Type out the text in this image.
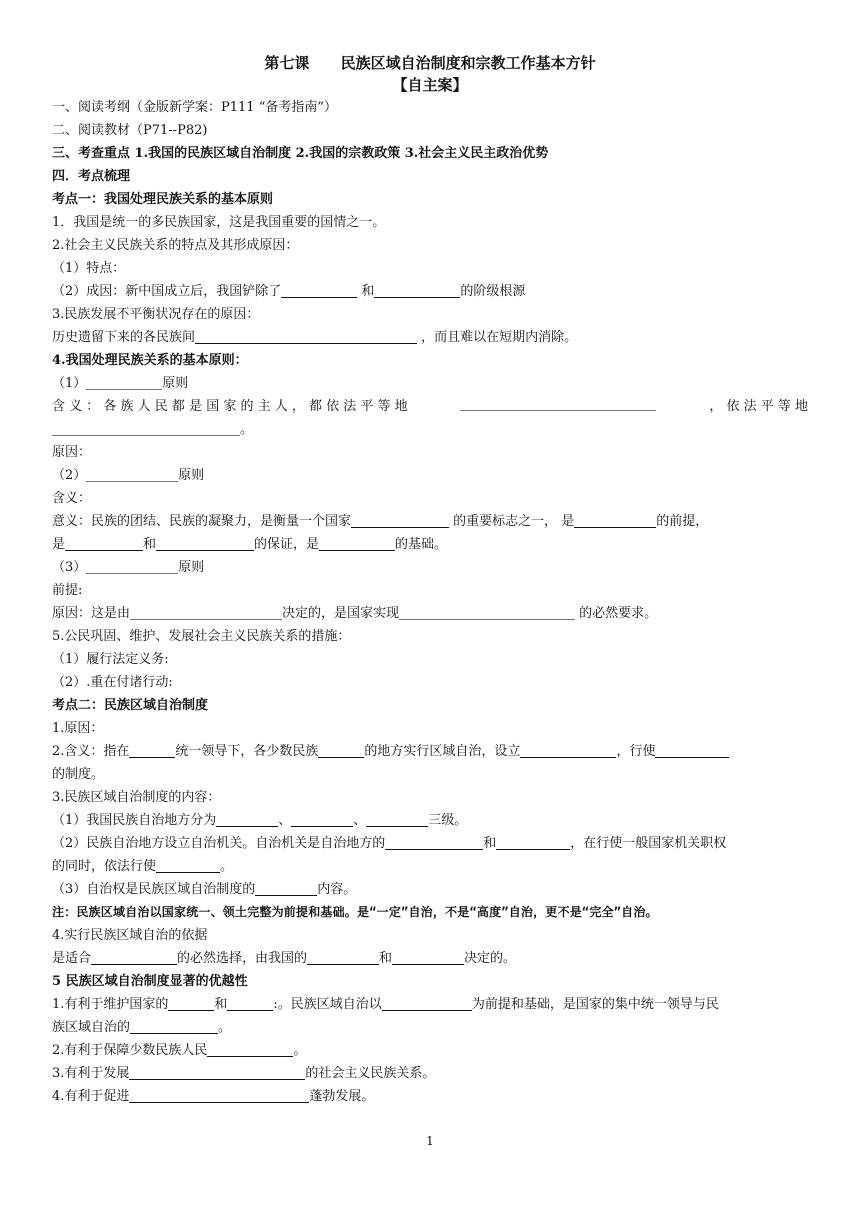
第七课      民族区域自治制度和宗教工作基本方针
【自主案】
一、阅读考纲（金版新学案：P111 “备考指南”）
二、阅读教材（P71--P82)
三、考查重点 1.我国的民族区域自治制度 2.我国的宗教政策 3.社会主义民主政治优势
四．考点梳理
考点一：我国处理民族关系的基本原则
1．我国是统一的多民族国家，这是我国重要的国情之一。
2.社会主义民族关系的特点及其形成原因：
（1）特点：
（2）成因：新中国成立后，我国铲除了	和	的阶级根源
3.民族发展不平衡状况存在的原因：
历史遗留下来的各民族间	，而且难以在短期内消除。
4.我国处理民族关系的基本原则：
（1）	原则
含 义 ： 各 族 人 民 都 是 国 家 的 主 人 ， 都 依 法 平 等 地	， 依 法 平 等 地
。
原因：
（2）	原则
含义：
意义：民族的团结、民族的凝聚力，是衡量一个国家	的重要标志之一， 是	的前提，
是	和	的保证，是	的基础。
（3）	原则
前提:
原因：这是由	决定的，是国家实现	的必然要求。
5.公民巩固、维护、发展社会主义民族关系的措施：
（1）履行法定义务:
（2）.重在付诸行动:
考点二：民族区域自治制度
1.原因：
2.含义：指在	统一领导下，各少数民族	的地方实行区域自治，设立	，行使
的制度。
3.民族区域自治制度的内容：
（1）我国民族自治地方分为	、	、	三级。
（2）民族自治地方设立自治机关。自治机关是自治地方的	和	，在行使一般国家机关职权
的同时，依法行使	。
（3）自治权是民族区域自治制度的	内容。
注：民族区域自治以国家统一、领土完整为前提和基础。是“一定”自治，不是“高度”自治，更不是“完全”自治。
4.实行民族区域自治的依据
是适合	的必然选择，由我国的	和	决定的。
5 民族区域自治制度显著的优越性
1.有利于维护国家的	和	:。民族区域自治以	为前提和基础，是国家的集中统一领导与民
族区域自治的	。
2.有利于保障少数民族人民	。
3.有利于发展	的社会主义民族关系。
4.有利于促进	蓬勃发展。
1
